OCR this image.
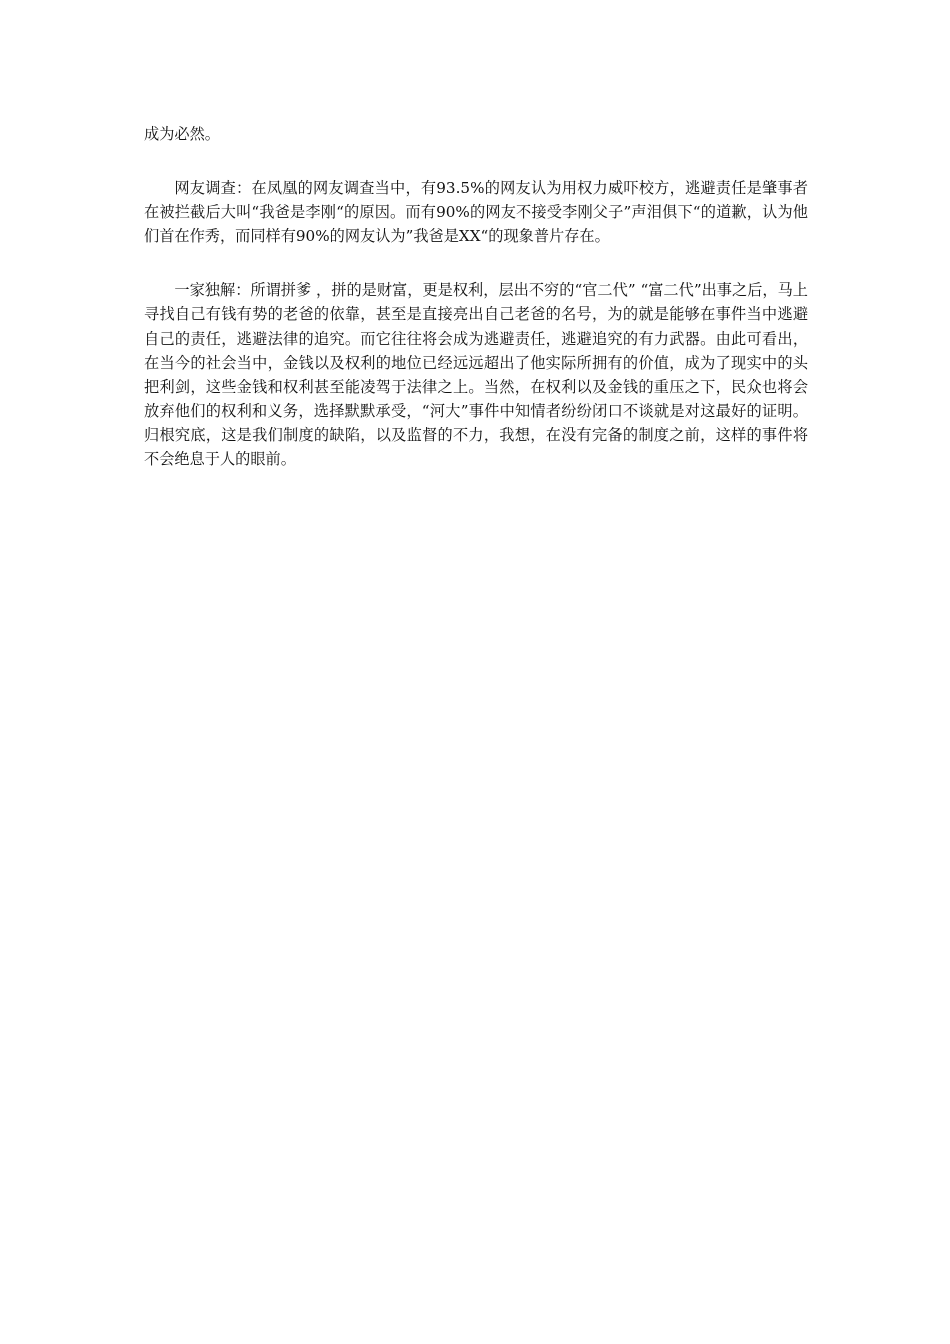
成为必然。

网友调查：在凤凰的网友调查当中，有93.5%的网友认为用权力威吓校方，逃避责任是肇事者在被拦截后大叫“我爸是李刚“的原因。而有90%的网友不接受李刚父子”声泪俱下“的道歉，认为他们首在作秀，而同样有90%的网友认为”我爸是XX“的现象普片存在。

一家独解：所谓拼爹 ，拼的是财富，更是权利，层出不穷的“官二代” “富二代”出事之后，马上寻找自己有钱有势的老爸的依靠，甚至是直接亮出自己老爸的名号，为的就是能够在事件当中逃避自己的责任，逃避法律的追究。而它往往将会成为逃避责任，逃避追究的有力武器。由此可看出，在当今的社会当中，金钱以及权利的地位已经远远超出了他实际所拥有的价值，成为了现实中的头把利剑，这些金钱和权利甚至能凌驾于法律之上。当然，在权利以及金钱的重压之下，民众也将会放弃他们的权利和义务，选择默默承受，“河大”事件中知情者纷纷闭口不谈就是对这最好的证明。归根究底，这是我们制度的缺陷，以及监督的不力，我想，在没有完备的制度之前，这样的事件将不会绝息于人的眼前。
